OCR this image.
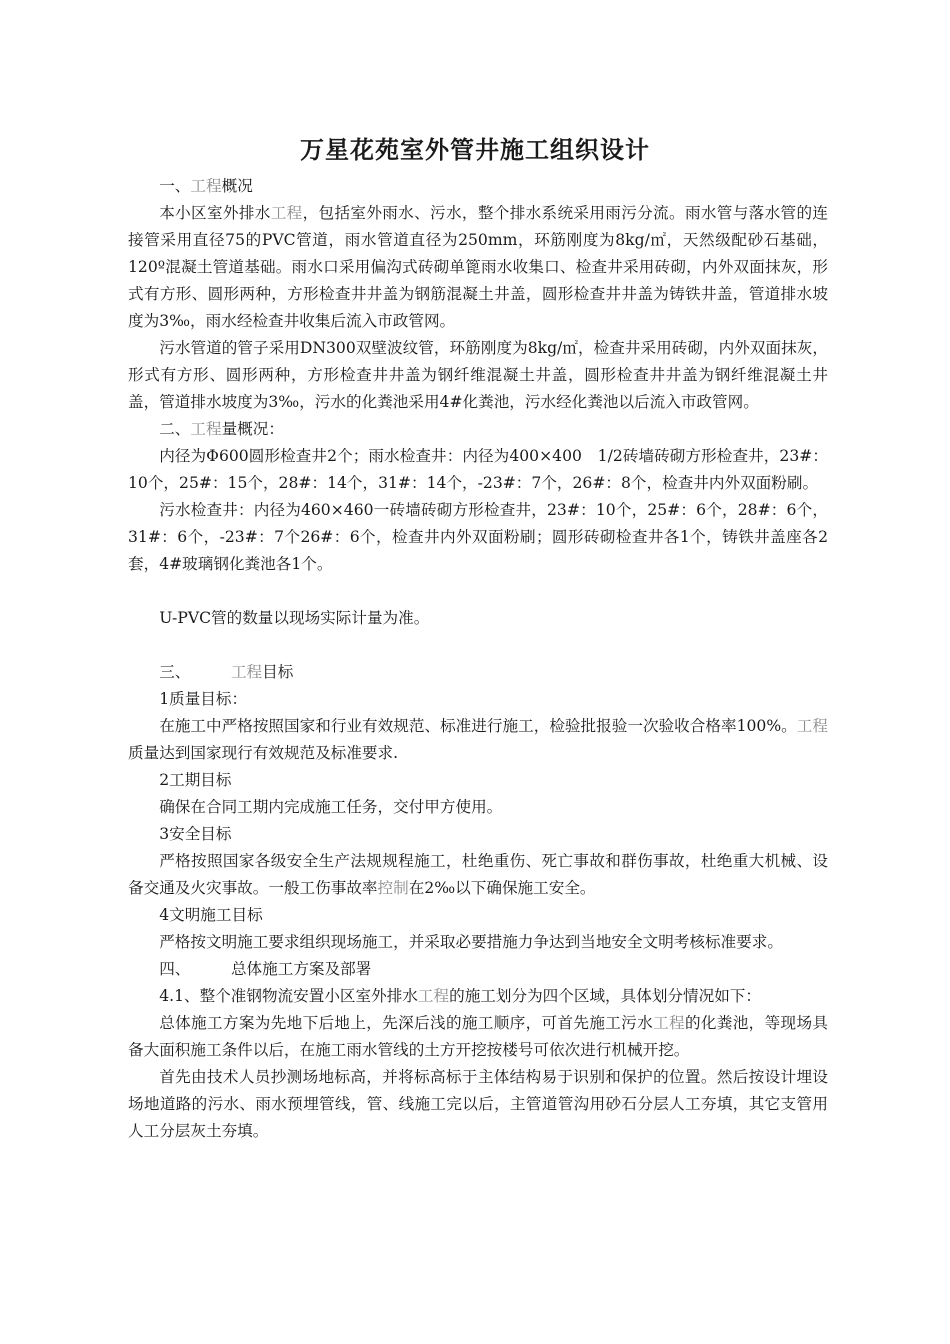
万星花苑室外管井施工组织设计

一、工程概况

本小区室外排水工程，包括室外雨水、污水，整个排水系统采用雨污分流。雨水管与落水管的连接管采用直径75的PVC管道，雨水管道直径为250mm，环筋刚度为8kg/㎡，天然级配砂石基础，120º混凝土管道基础。雨水口采用偏沟式砖砌单篦雨水收集口、检查井采用砖砌，内外双面抹灰，形式有方形、圆形两种，方形检查井井盖为钢筋混凝土井盖，圆形检查井井盖为铸铁井盖，管道排水坡度为3‰，雨水经检查井收集后流入市政管网。

污水管道的管子采用DN300双壁波纹管，环筋刚度为8kg/㎡，检查井采用砖砌，内外双面抹灰，形式有方形、圆形两种，方形检查井井盖为钢纤维混凝土井盖，圆形检查井井盖为钢纤维混凝土井盖，管道排水坡度为3‰，污水的化粪池采用4#化粪池，污水经化粪池以后流入市政管网。

二、工程量概况：

内径为Φ600圆形检查井2个；雨水检查井：内径为400×400　1/2砖墙砖砌方形检查井，23#：10个，25#：15个，28#：14个，31#：14个，-23#：7个，26#：8个，检查井内外双面粉刷。

污水检查井：内径为460×460一砖墙砖砌方形检查井，23#：10个，25#：6个，28#：6个，31#：6个，-23#：7个26#：6个，检查井内外双面粉刷；圆形砖砌检查井各1个，铸铁井盖座各2套，4#玻璃钢化粪池各1个。

U-PVC管的数量以现场实际计量为准。

三、	工程目标

1质量目标：

在施工中严格按照国家和行业有效规范、标准进行施工，检验批报验一次验收合格率100%。工程质量达到国家现行有效规范及标准要求.

2工期目标

确保在合同工期内完成施工任务，交付甲方使用。

3安全目标

严格按照国家各级安全生产法规规程施工，杜绝重伤、死亡事故和群伤事故，杜绝重大机械、设备交通及火灾事故。一般工伤事故率控制在2‰以下确保施工安全。

4文明施工目标

严格按文明施工要求组织现场施工，并采取必要措施力争达到当地安全文明考核标准要求。

四、	总体施工方案及部署

4.1、整个准钢物流安置小区室外排水工程的施工划分为四个区域，具体划分情况如下：

总体施工方案为先地下后地上，先深后浅的施工顺序，可首先施工污水工程的化粪池，等现场具备大面积施工条件以后，在施工雨水管线的土方开挖按楼号可依次进行机械开挖。

首先由技术人员抄测场地标高，并将标高标于主体结构易于识别和保护的位置。然后按设计埋设场地道路的污水、雨水预埋管线，管、线施工完以后，主管道管沟用砂石分层人工夯填，其它支管用人工分层灰土夯填。
